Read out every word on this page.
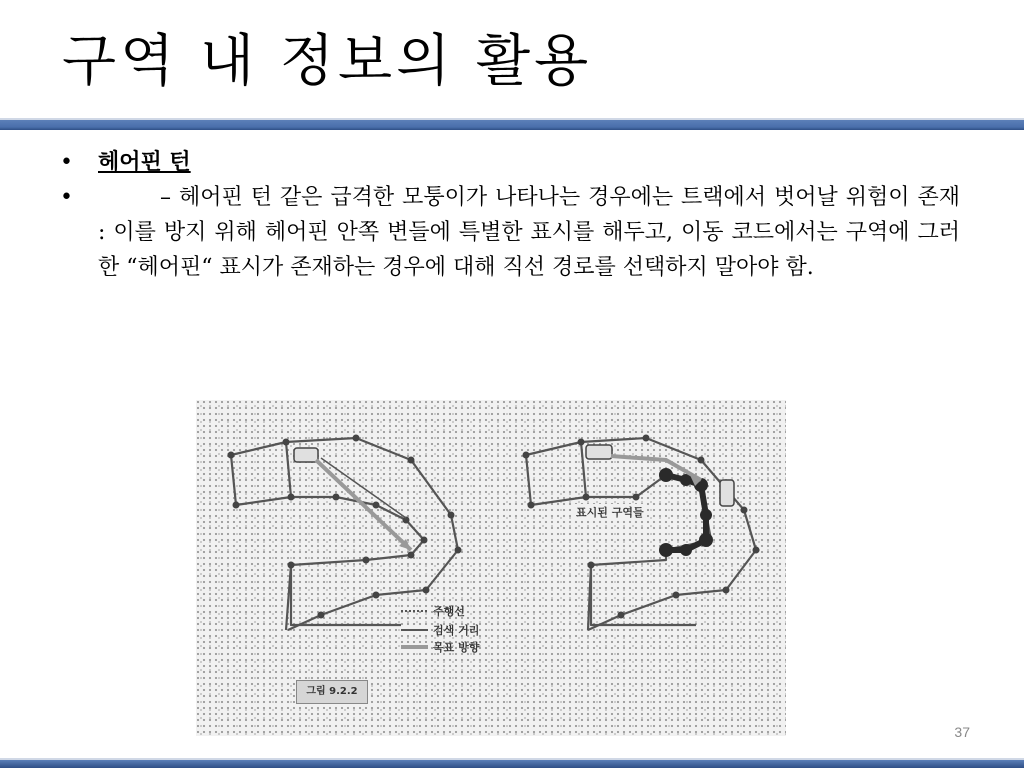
구역 내 정보의 활용
• 헤어핀 턴
•	– 헤어핀 턴 같은 급격한 모퉁이가 나타나는 경우에는 트랙에서 벗어날 위험이 존재 : 이를 방지 위해 헤어핀 안쪽 변들에 특별한 표시를 해두고, 이동 코드에서는 구역에 그러한 “헤어핀“ 표시가 존재하는 경우에 대해 직선 경로를 선택하지 말아야 함.
표시된 구역들
주행선
검색 거리
목표 방향
그림 9.2.2
37
